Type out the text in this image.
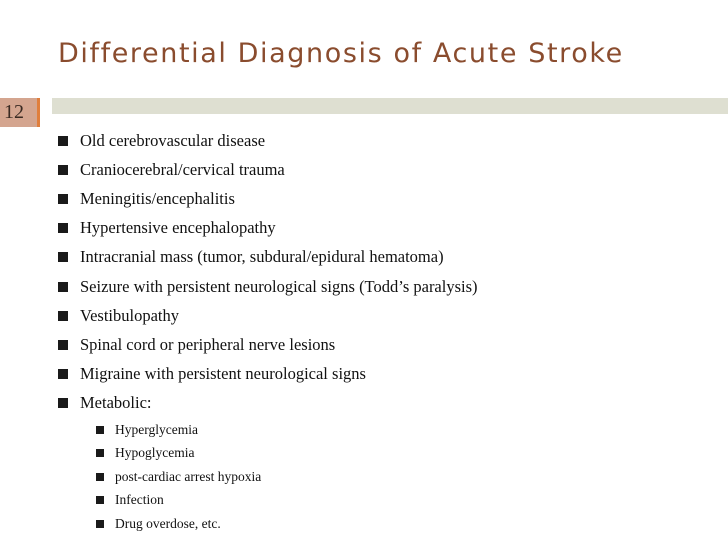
Differential Diagnosis of Acute Stroke
12
Old cerebrovascular disease
Craniocerebral/cervical trauma
Meningitis/encephalitis
Hypertensive encephalopathy
Intracranial mass (tumor, subdural/epidural hematoma)
Seizure with persistent neurological signs (Todd’s paralysis)
Vestibulopathy
Spinal cord or peripheral nerve lesions
Migraine with persistent neurological signs
Metabolic:
Hyperglycemia
Hypoglycemia
post-cardiac arrest hypoxia
Infection
Drug overdose, etc.
